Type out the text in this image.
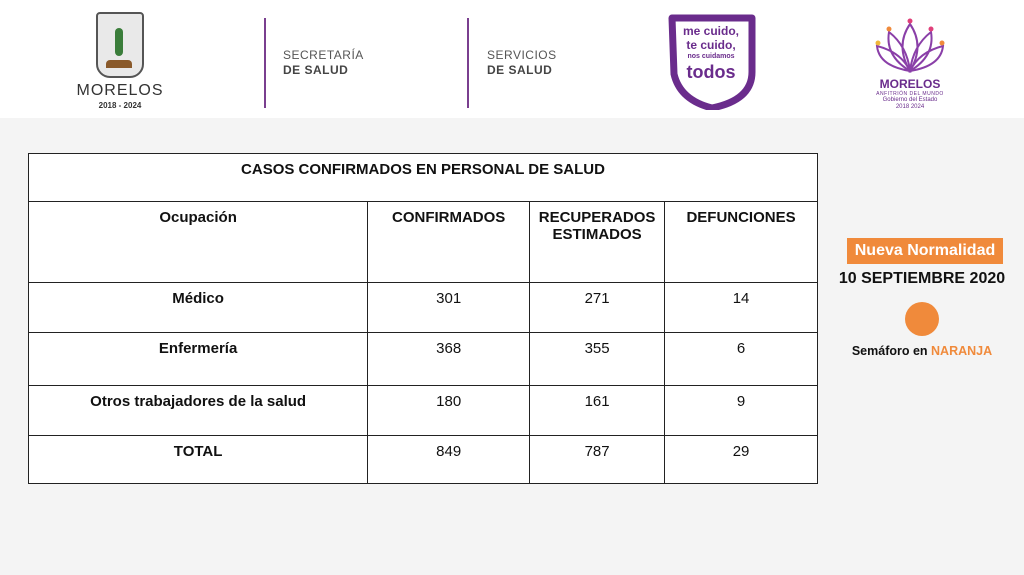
MORELOS
2018 - 2024
SECRETARÍA
DE SALUD
SERVICIOS
DE SALUD
me cuido,
te cuido,
nos cuidamos
todos
MORELOS
ANFITRIÓN DEL MUNDO
Gobierno del Estado
2018 2024
CASOS CONFIRMADOS EN PERSONAL DE SALUD			
Ocupación	CONFIRMADOS	RECUPERADOS ESTIMADOS	DEFUNCIONES
Médico	301	271	14
Enfermería	368	355	6
Otros trabajadores de la salud	180	161	9
TOTAL	849	787	29
Nueva Normalidad
10 SEPTIEMBRE 2020
Semáforo en NARANJA
